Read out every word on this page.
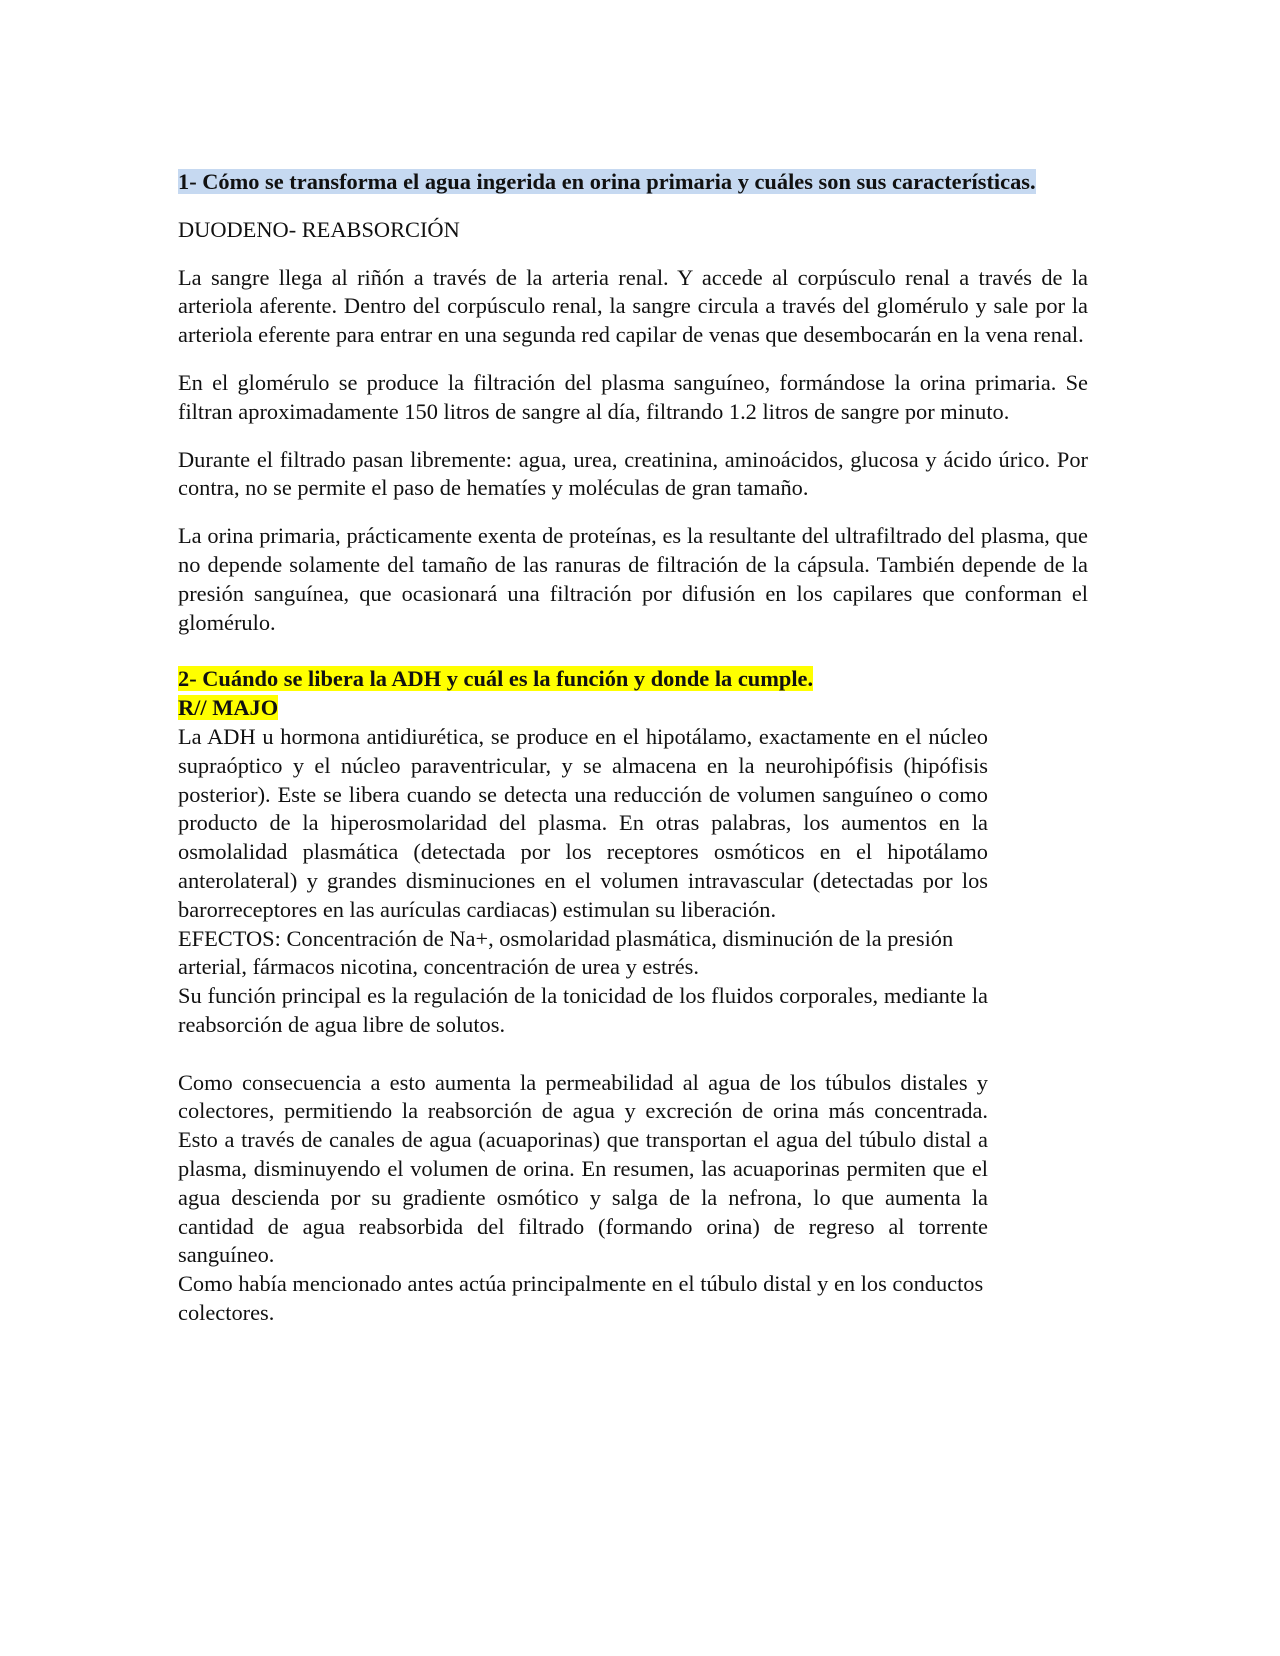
1- Cómo se transforma el agua ingerida en orina primaria y cuáles son sus características.

DUODENO- REABSORCIÓN

La sangre llega al riñón a través de la arteria renal. Y accede al corpúsculo renal a través de la arteriola aferente. Dentro del corpúsculo renal, la sangre circula a través del glomérulo y sale por la arteriola eferente para entrar en una segunda red capilar de venas que desembocarán en la vena renal.

En el glomérulo se produce la filtración del plasma sanguíneo, formándose la orina primaria. Se filtran aproximadamente 150 litros de sangre al día, filtrando 1.2 litros de sangre por minuto.

Durante el filtrado pasan libremente: agua, urea, creatinina, aminoácidos, glucosa y ácido úrico. Por contra, no se permite el paso de hematíes y moléculas de gran tamaño.

La orina primaria, prácticamente exenta de proteínas, es la resultante del ultrafiltrado del plasma, que no depende solamente del tamaño de las ranuras de filtración de la cápsula. También depende de la presión sanguínea, que ocasionará una filtración por difusión en los capilares que conforman el glomérulo.

2- Cuándo se libera la ADH y cuál es la función y donde la cumple.

R// MAJO

La ADH u hormona antidiurética, se produce en el hipotálamo, exactamente en el núcleo supraóptico y el núcleo paraventricular, y se almacena en la neurohipófisis (hipófisis posterior). Este se libera cuando se detecta una reducción de volumen sanguíneo o como producto de la hiperosmolaridad del plasma. En otras palabras, los aumentos en la osmolalidad plasmática (detectada por los receptores osmóticos en el hipotálamo anterolateral) y grandes disminuciones en el volumen intravascular (detectadas por los barorreceptores en las aurículas cardiacas) estimulan su liberación.

EFECTOS: Concentración de Na+, osmolaridad plasmática, disminución de la presión arterial, fármacos nicotina, concentración de urea y estrés.

Su función principal es la regulación de la tonicidad de los fluidos corporales, mediante la reabsorción de agua libre de solutos.

Como consecuencia a esto aumenta la permeabilidad al agua de los túbulos distales y colectores, permitiendo la reabsorción de agua y excreción de orina más concentrada. Esto a través de canales de agua (acuaporinas) que transportan el agua del túbulo distal a plasma, disminuyendo el volumen de orina. En resumen, las acuaporinas permiten que el agua descienda por su gradiente osmótico y salga de la nefrona, lo que aumenta la cantidad de agua reabsorbida del filtrado (formando orina) de regreso al torrente sanguíneo.

Como había mencionado antes actúa principalmente en el túbulo distal y en los conductos colectores.
